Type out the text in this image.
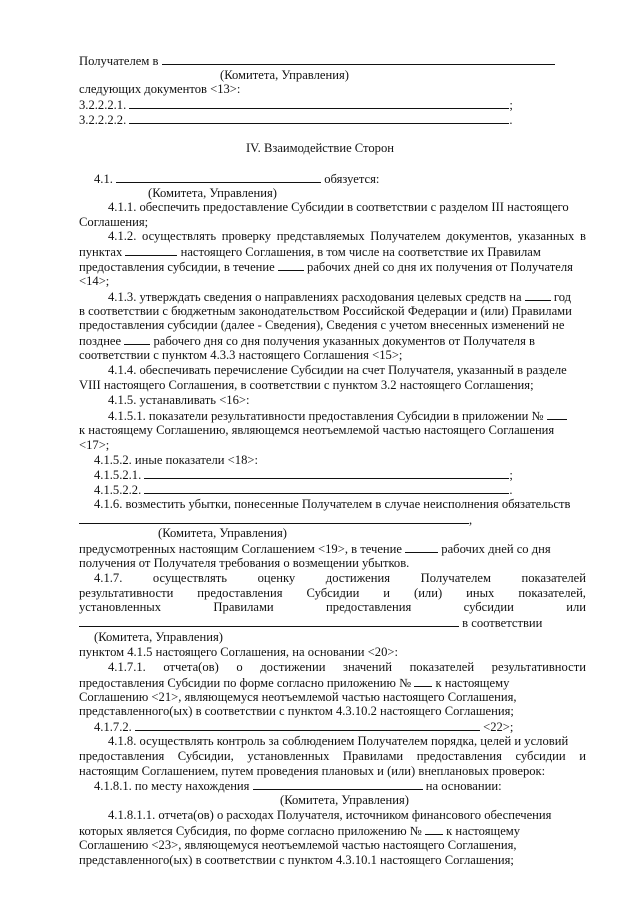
Получателем в
(Комитета, Управления)
следующих документов <13>:
3.2.2.2.1.	;
3.2.2.2.2.	.
IV. Взаимодействие Сторон
4.1.	обязуется:
(Комитета, Управления)
4.1.1. обеспечить предоставление Субсидии в соответствии с разделом III настоящего
Соглашения;
4.1.2. осуществлять проверку представляемых Получателем документов, указанных в
пунктах	настоящего Соглашения, в том числе на соответствие их Правилам
предоставления субсидии, в течение	рабочих дней со дня их получения от Получателя
<14>;
4.1.3. утверждать сведения о направлениях расходования целевых средств на	год
в соответствии с бюджетным законодательством Российской Федерации и (или) Правилами
предоставления субсидии (далее - Сведения), Сведения с учетом внесенных изменений не
позднее	рабочего дня со дня получения указанных документов от Получателя в
соответствии с пунктом 4.3.3 настоящего Соглашения <15>;
4.1.4. обеспечивать перечисление Субсидии на счет Получателя, указанный в разделе
VIII настоящего Соглашения, в соответствии с пунктом 3.2 настоящего Соглашения;
4.1.5. устанавливать <16>:
4.1.5.1. показатели результативности предоставления Субсидии в приложении №
к настоящему Соглашению, являющемся неотъемлемой частью настоящего Соглашения
<17>;
4.1.5.2. иные показатели <18>:
4.1.5.2.1.	;
4.1.5.2.2.	.
4.1.6. возместить убытки, понесенные Получателем в случае неисполнения обязательств
,
(Комитета, Управления)
предусмотренных настоящим Соглашением <19>, в течение	рабочих дней со дня
получения от Получателя требования о возмещении убытков.
4.1.7. осуществлять оценку достижения Получателем показателей
результативности предоставления Субсидии и (или) иных показателей,
установленных	Правилами	предоставления	субсидии	или
в соответствии
(Комитета, Управления)
пунктом 4.1.5 настоящего Соглашения, на основании <20>:
4.1.7.1. отчета(ов) о достижении значений показателей результативности
предоставления Субсидии по форме согласно приложению № к настоящему
Соглашению <21>, являющемуся неотъемлемой частью настоящего Соглашения,
представленного(ых) в соответствии с пунктом 4.3.10.2 настоящего Соглашения;
4.1.7.2.	<22>;
4.1.8. осуществлять контроль за соблюдением Получателем порядка, целей и условий
предоставления Субсидии, установленных Правилами предоставления субсидии и
настоящим Соглашением, путем проведения плановых и (или) внеплановых проверок:
4.1.8.1. по месту нахождения	на основании:
(Комитета, Управления)
4.1.8.1.1. отчета(ов) о расходах Получателя, источником финансового обеспечения
которых является Субсидия, по форме согласно приложению № к настоящему
Соглашению <23>, являющемуся неотъемлемой частью настоящего Соглашения,
представленного(ых) в соответствии с пунктом 4.3.10.1 настоящего Соглашения;
